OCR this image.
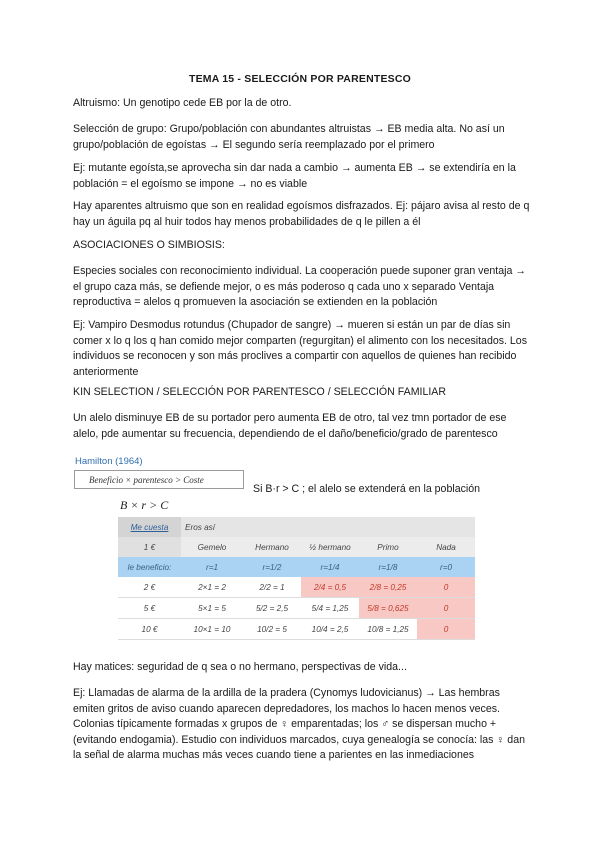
TEMA 15 - SELECCIÓN POR PARENTESCO

Altruismo: Un genotipo cede EB por la de otro.

Selección de grupo: Grupo/población con abundantes altruistas → EB media alta. No así un grupo/población de egoístas → El segundo sería reemplazado por el primero

Ej: mutante egoísta,se aprovecha sin dar nada a cambio → aumenta EB → se extendiría en la población = el egoísmo se impone → no es viable

Hay aparentes altruismo que son en realidad egoísmos disfrazados. Ej: pájaro avisa al resto de q hay un águila pq al huir todos hay menos probabilidades de q le pillen a él

ASOCIACIONES O SIMBIOSIS:

Especies sociales con reconocimiento individual. La cooperación puede suponer gran ventaja → el grupo caza más, se defiende mejor, o es más poderoso q cada uno x separado Ventaja reproductiva = alelos q promueven la asociación se extienden en la población

Ej: Vampiro Desmodus rotundus (Chupador de sangre) → mueren si están un par de días sin comer x lo q los q han comido mejor comparten (regurgitan) el alimento con los necesitados. Los individuos se reconocen y son más proclives a compartir con aquellos de quienes han recibido anteriormente

KIN SELECTION / SELECCIÓN POR PARENTESCO / SELECCIÓN FAMILIAR

Un alelo disminuye EB de su portador pero aumenta EB de otro, tal vez tmn portador de ese alelo, pde aumentar su frecuencia, dependiendo de el daño/beneficio/grado de parentesco

Hamilton (1964)
Beneficio × parentesco > Coste
Si B·r > C ; el alelo se extenderá en la población
B × r > C
Me cuesta	Eros así				
1 €	Gemelo	Hermano	½ hermano	Primo	Nada
le beneficio:	r=1	r=1/2	r=1/4	r=1/8	r=0
2 €	2×1 = 2	2/2 = 1	2/4 = 0,5	2/8 = 0,25	0
5 €	5×1 = 5	5/2 = 2,5	5/4 = 1,25	5/8 = 0,625	0
10 €	10×1 = 10	10/2 = 5	10/4 = 2,5	10/8 = 1,25	0

Hay matices: seguridad de q sea o no hermano, perspectivas de vida...

Ej: Llamadas de alarma de la ardilla de la pradera (Cynomys ludovicianus) → Las hembras emiten gritos de aviso cuando aparecen depredadores, los machos lo hacen menos veces. Colonias típicamente formadas x grupos de ♀ emparentadas; los ♂ se dispersan mucho + (evitando endogamia). Estudio con individuos marcados, cuya genealogía se conocía: las ♀ dan la señal de alarma muchas más veces cuando tiene a parientes en las inmediaciones
